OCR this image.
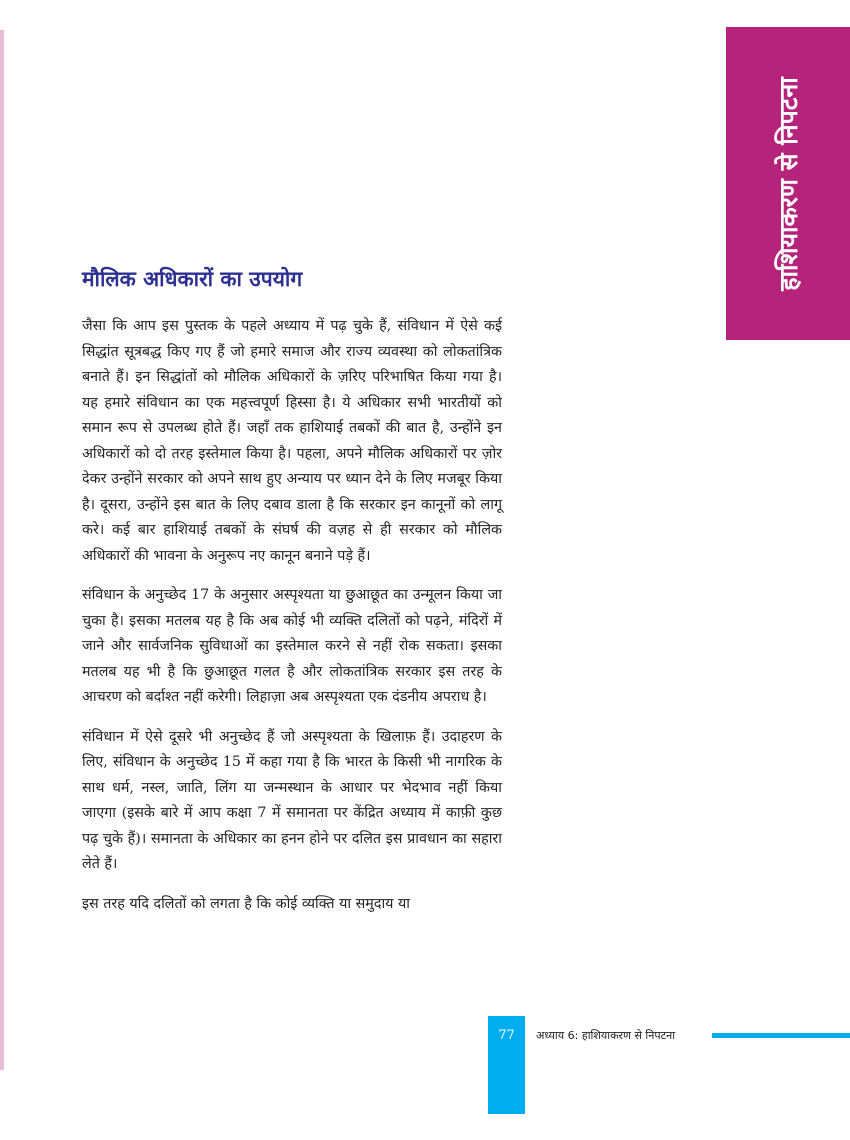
हाशियाकरण से निपटना
मौलिक अधिकारों का उपयोग

जैसा कि आप इस पुस्तक के पहले अध्याय में पढ़ चुके हैं, संविधान में ऐसे कई सिद्धांत सूत्रबद्ध किए गए हैं जो हमारे समाज और राज्य व्यवस्था को लोकतांत्रिक बनाते हैं। इन सिद्धांतों को मौलिक अधिकारों के ज़रिए परिभाषित किया गया है। यह हमारे संविधान का एक महत्त्वपूर्ण हिस्सा है। ये अधिकार सभी भारतीयों को समान रूप से उपलब्ध होते हैं। जहाँ तक हाशियाई तबकों की बात है, उन्होंने इन अधिकारों को दो तरह इस्तेमाल किया है। पहला, अपने मौलिक अधिकारों पर ज़ोर देकर उन्होंने सरकार को अपने साथ हुए अन्याय पर ध्यान देने के लिए मजबूर किया है। दूसरा, उन्होंने इस बात के लिए दबाव डाला है कि सरकार इन कानूनों को लागू करे। कई बार हाशियाई तबकों के संघर्ष की वज़ह से ही सरकार को मौलिक अधिकारों की भावना के अनुरूप नए कानून बनाने पड़े हैं।

संविधान के अनुच्छेद 17 के अनुसार अस्पृश्यता या छुआछूत का उन्मूलन किया जा चुका है। इसका मतलब यह है कि अब कोई भी व्यक्ति दलितों को पढ़ने, मंदिरों में जाने और सार्वजनिक सुविधाओं का इस्तेमाल करने से नहीं रोक सकता। इसका मतलब यह भी है कि छुआछूत गलत है और लोकतांत्रिक सरकार इस तरह के आचरण को बर्दाश्त नहीं करेगी। लिहाज़ा अब अस्पृश्यता एक दंडनीय अपराध है।

संविधान में ऐसे दूसरे भी अनुच्छेद हैं जो अस्पृश्यता के खिलाफ़ हैं। उदाहरण के लिए, संविधान के अनुच्छेद 15 में कहा गया है कि भारत के किसी भी नागरिक के साथ धर्म, नस्ल, जाति, लिंग या जन्मस्थान के आधार पर भेदभाव नहीं किया जाएगा (इसके बारे में आप कक्षा 7 में समानता पर केंद्रित अध्याय में काफ़ी कुछ पढ़ चुके हैं)। समानता के अधिकार का हनन होने पर दलित इस प्रावधान का सहारा लेते हैं।

इस तरह यदि दलितों को लगता है कि कोई व्यक्ति या समुदाय या

77	अध्याय 6: हाशियाकरण से निपटना
